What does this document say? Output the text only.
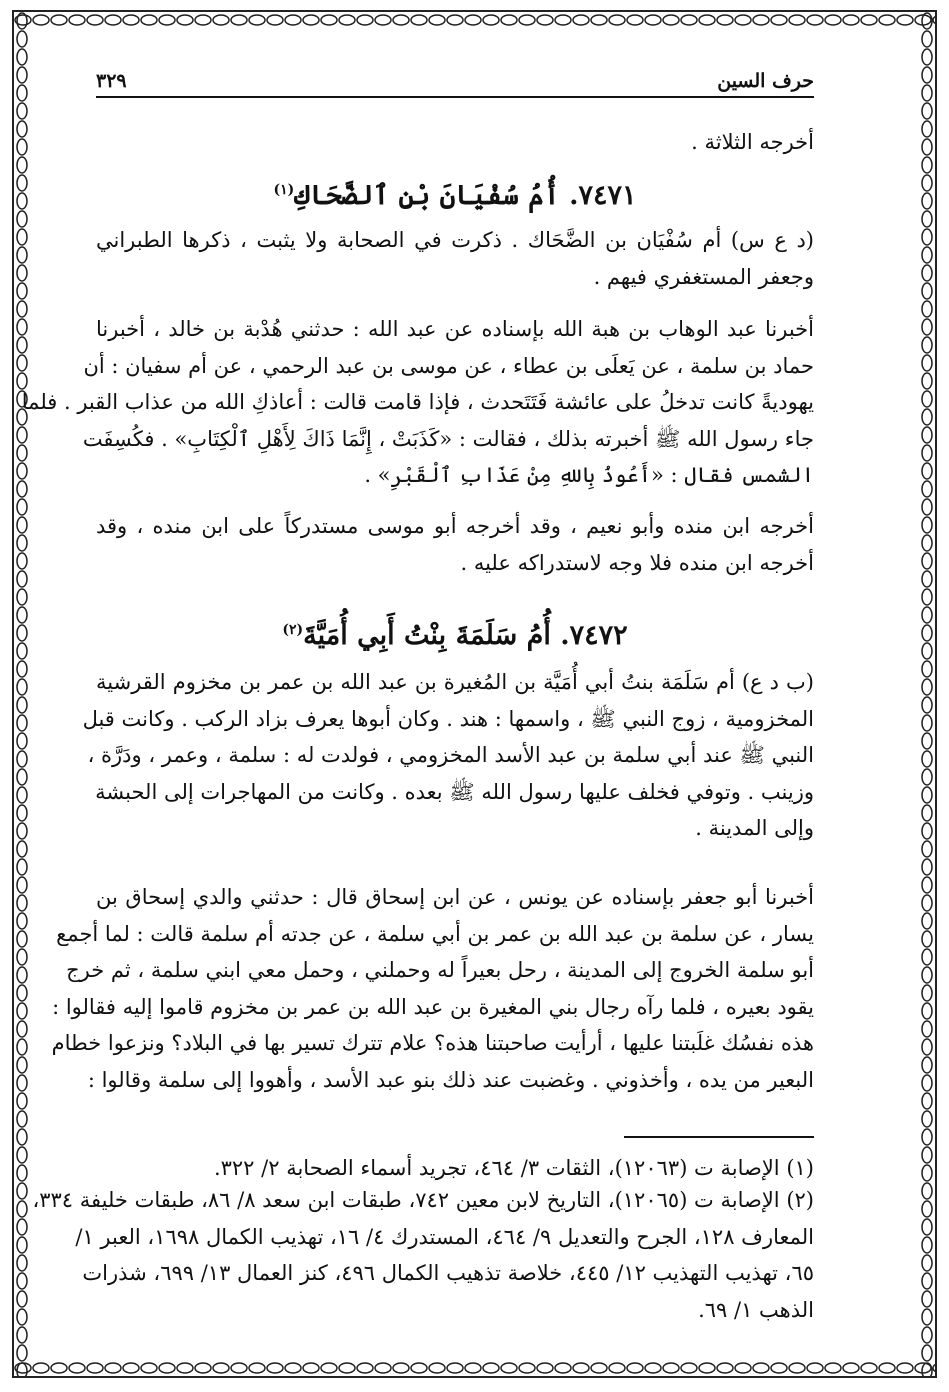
حرف السين
٣٢٩

أخرجه الثلاثة .

٧٤٧١. أُمُ سُفْيَانَ بْنِ ٱلضَّحَاكِ$^{(١)}$

(د ع س) أم سُفْيَان بن الضَّحَاك . ذكرت في الصحابة ولا يثبت ، ذكرها الطبراني

وجعفر المستغفري فيهم .

أخبرنا عبد الوهاب بن هبة الله بإسناده عن عبد الله : حدثني هُدْبة بن خالد ، أخبرنا

حماد بن سلمة ، عن يَعلَى بن عطاء ، عن موسى بن عبد الرحمي ، عن أم سفيان : أن

يهوديةً كانت تدخلُ على عائشة فَتَتَحدث ، فإذا قامت قالت : أعاذكِ الله من عذاب القبر . فلما

جاء رسول الله ﷺ أخبرته بذلك ، فقالت : «كَذَبَتْ ، إِنَّمَا ذَاكَ لِأَهْلِ ٱلْكِتَابِ» . فكُسِفَت

الشمس فقال : «أَعُوذُ بِاللهِ مِنْ عَذَابِ ٱلْقَبْرِ» .

أخرجه ابن منده وأبو نعيم ، وقد أخرجه أبو موسى مستدركاً على ابن منده ، وقد

أخرجه ابن منده فلا وجه لاستدراكه عليه .

٧٤٧٢. أُمُ سَلَمَةَ بِنْتُ أَبِي أُمَيَّةَ$^{(٢)}$

(ب د ع) أم سَلَمَة بنتُ أبي أُمَيَّة بن المُغيرة بن عبد الله بن عمر بن مخزوم القرشية

المخزومية ، زوج النبي ﷺ ، واسمها : هند . وكان أبوها يعرف بزاد الركب . وكانت قبل

النبي ﷺ عند أبي سلمة بن عبد الأسد المخزومي ، فولدت له : سلمة ، وعمر ، ودَرَّة ،

وزينب . وتوفي فخلف عليها رسول الله ﷺ بعده . وكانت من المهاجرات إلى الحبشة

وإلى المدينة .

أخبرنا أبو جعفر بإسناده عن يونس ، عن ابن إسحاق قال : حدثني والدي إسحاق بن

يسار ، عن سلمة بن عبد الله بن عمر بن أبي سلمة ، عن جدته أم سلمة قالت : لما أجمع

أبو سلمة الخروج إلى المدينة ، رحل بعيراً له وحملني ، وحمل معي ابني سلمة ، ثم خرج

يقود بعيره ، فلما رآه رجال بني المغيرة بن عبد الله بن عمر بن مخزوم قاموا إليه فقالوا :

هذه نفسُك غلَبتنا عليها ، أرأيت صاحبتنا هذه؟ علام تترك تسير بها في البلاد؟ ونزعوا خطام

البعير من يده ، وأخذوني . وغضبت عند ذلك بنو عبد الأسد ، وأهووا إلى سلمة وقالوا :

(١) الإصابة ت (١٢٠٦٣)، الثقات ٣/ ٤٦٤، تجريد أسماء الصحابة ٢/ ٣٢٢.

(٢) الإصابة ت (١٢٠٦٥)، التاريخ لابن معين ٧٤٢، طبقات ابن سعد ٨/ ٨٦، طبقات خليفة ٣٣٤،

المعارف ١٢٨، الجرح والتعديل ٩/ ٤٦٤، المستدرك ٤/ ١٦، تهذيب الكمال ١٦٩٨، العبر ١/

٦٥، تهذيب التهذيب ١٢/ ٤٤٥، خلاصة تذهيب الكمال ٤٩٦، كنز العمال ١٣/ ٦٩٩، شذرات

الذهب ١/ ٦٩.
